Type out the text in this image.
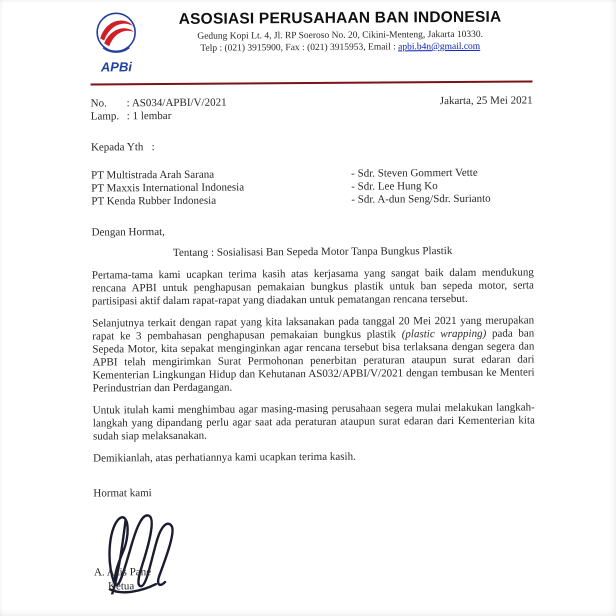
APBi
ASOSIASI PERUSAHAAN BAN INDONESIA
Gedung Kopi Lt. 4, Jl. RP Soeroso No. 20, Cikini-Menteng, Jakarta 10330.
Telp : (021) 3915900, Fax : (021) 3915953, Email : apbi.b4n@gmail.com
No.	: AS034/APBI/V/2021
Lamp. : 1 lembar
Jakarta, 25 Mei 2021
Kepada Yth   :
PT Multistrada Arah Sarana	- Sdr. Steven Gommert Vette
PT Maxxis International Indonesia	- Sdr. Lee Hung Ko
PT Kenda Rubber Indonesia	- Sdr. A-dun Seng/Sdr. Surianto
Dengan Hormat,
Tentang : Sosialisasi Ban Sepeda Motor Tanpa Bungkus Plastik

Pertama-tama kami ucapkan terima kasih atas kerjasama yang sangat baik dalam mendukung rencana APBI untuk penghapusan pemakaian bungkus plastik untuk ban sepeda motor, serta partisipasi aktif dalam rapat-rapat yang diadakan untuk pematangan rencana tersebut.

Selanjutnya terkait dengan rapat yang kita laksanakan pada tanggal 20 Mei 2021 yang merupakan rapat ke 3 pembahasan penghapusan pemakaian bungkus plastik (plastic wrapping) pada ban Sepeda Motor, kita sepakat menginginkan agar rencana tersebut bisa terlaksana dengan segera dan APBI telah mengirimkan Surat Permohonan penerbitan peraturan ataupun surat edaran dari Kementerian Lingkungan Hidup dan Kehutanan AS032/APBI/V/2021 dengan tembusan ke Menteri Perindustrian dan Perdagangan.

Untuk itulah kami menghimbau agar masing-masing perusahaan segera mulai melakukan langkah-langkah yang dipandang perlu agar saat ada peraturan ataupun surat edaran dari Kementerian kita sudah siap melaksanakan.

Demikianlah, atas perhatiannya kami ucapkan terima kasih.

Hormat kami
A. Azis Pane
Ketua
